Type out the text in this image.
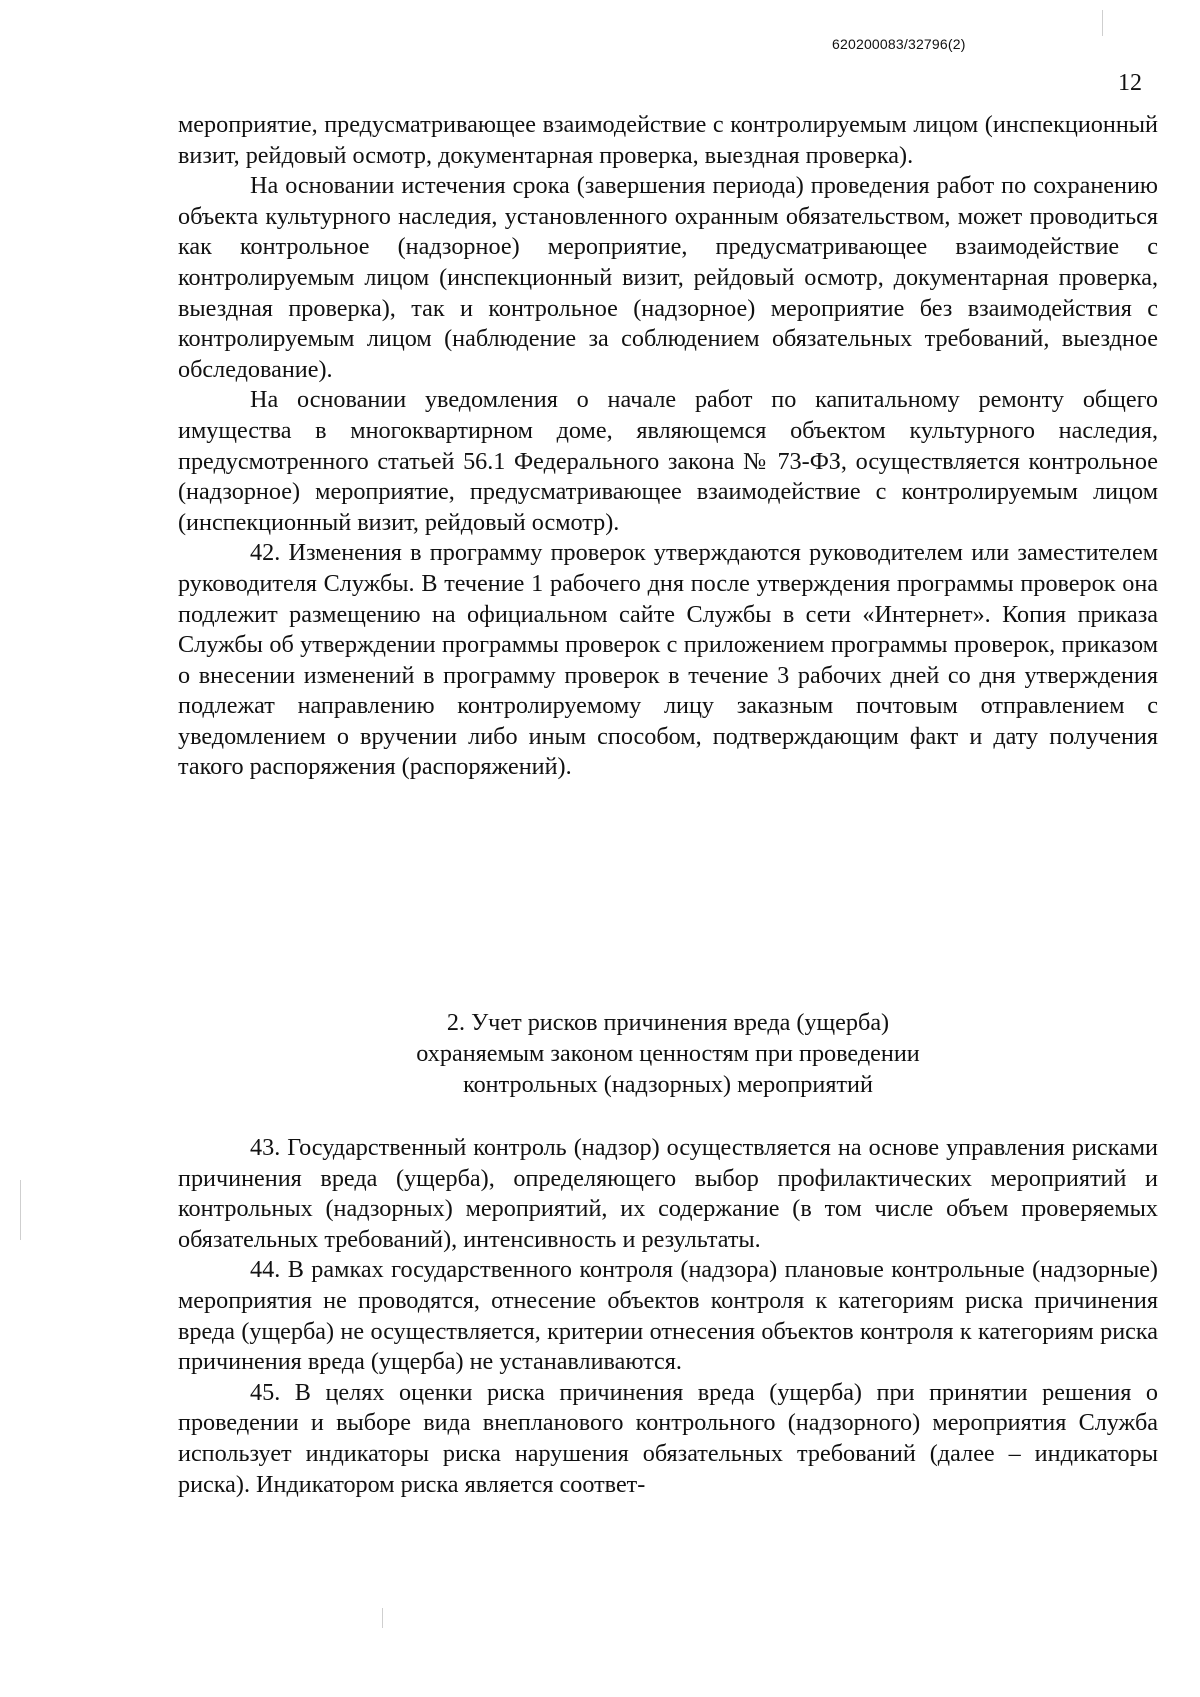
620200083/32796(2)
12

мероприятие, предусматривающее взаимодействие с контролируемым лицом (инспекционный визит, рейдовый осмотр, документарная проверка, выездная проверка).

На основании истечения срока (завершения периода) проведения работ по сохранению объекта культурного наследия, установленного охранным обязательством, может проводиться как контрольное (надзорное) мероприятие, предусматривающее взаимодействие с контролируемым лицом (инспекционный визит, рейдовый осмотр, документарная проверка, выездная проверка), так и контрольное (надзорное) мероприятие без взаимодействия с контролируемым лицом (наблюдение за соблюдением обязательных требований, выездное обследование).

На основании уведомления о начале работ по капитальному ремонту общего имущества в многоквартирном доме, являющемся объектом культурного наследия, предусмотренного статьей 56.1 Федерального закона № 73-ФЗ, осуществляется контрольное (надзорное) мероприятие, предусматривающее взаимодействие с контролируемым лицом (инспекционный визит, рейдовый осмотр).

42. Изменения в программу проверок утверждаются руководителем или заместителем руководителя Службы. В течение 1 рабочего дня после утверждения программы проверок она подлежит размещению на официальном сайте Службы в сети «Интернет». Копия приказа Службы об утверждении программы проверок с приложением программы проверок, приказом о внесении изменений в программу проверок в течение 3 рабочих дней со дня утверждения подлежат направлению контролируемому лицу заказным почтовым отправлением с уведомлением о вручении либо иным способом, подтверждающим факт и дату получения такого распоряжения (распоряжений).

2. Учет рисков причинения вреда (ущерба)
охраняемым законом ценностям при проведении
контрольных (надзорных) мероприятий

43. Государственный контроль (надзор) осуществляется на основе управления рисками причинения вреда (ущерба), определяющего выбор профилактических мероприятий и контрольных (надзорных) мероприятий, их содержание (в том числе объем проверяемых обязательных требований), интенсивность и результаты.

44. В рамках государственного контроля (надзора) плановые контрольные (надзорные) мероприятия не проводятся, отнесение объектов контроля к категориям риска причинения вреда (ущерба) не осуществляется, критерии отнесения объектов контроля к категориям риска причинения вреда (ущерба) не устанавливаются.

45. В целях оценки риска причинения вреда (ущерба) при принятии решения о проведении и выборе вида внепланового контрольного (надзорного) мероприятия Служба использует индикаторы риска нарушения обязательных требований (далее – индикаторы риска). Индикатором риска является соответ-
